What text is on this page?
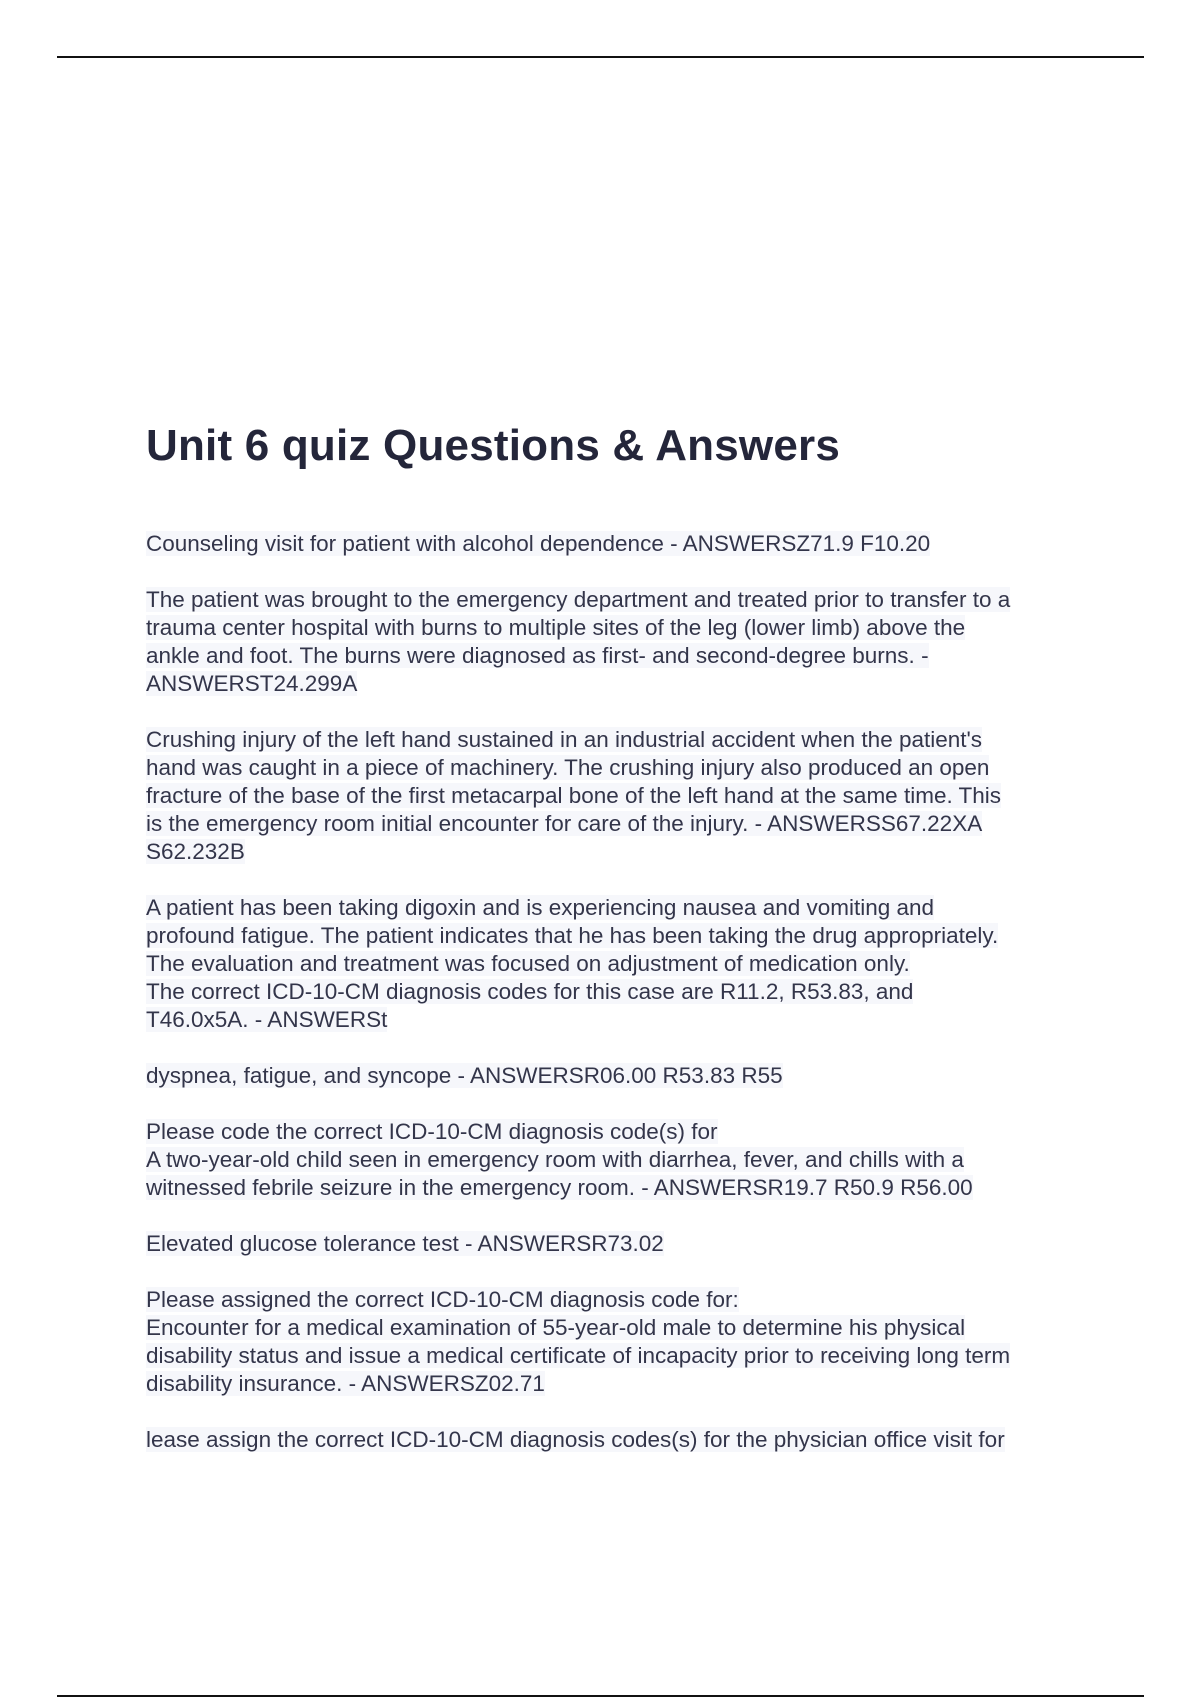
Unit 6 quiz Questions & Answers

Counseling visit for patient with alcohol dependence - ANSWERSZ71.9 F10.20

The patient was brought to the emergency department and treated prior to transfer to a
trauma center hospital with burns to multiple sites of the leg (lower limb) above the
ankle and foot. The burns were diagnosed as first- and second-degree burns. -
ANSWERST24.299A

Crushing injury of the left hand sustained in an industrial accident when the patient's
hand was caught in a piece of machinery. The crushing injury also produced an open
fracture of the base of the first metacarpal bone of the left hand at the same time. This
is the emergency room initial encounter for care of the injury. - ANSWERSS67.22XA
S62.232B

A patient has been taking digoxin and is experiencing nausea and vomiting and
profound fatigue. The patient indicates that he has been taking the drug appropriately.
The evaluation and treatment was focused on adjustment of medication only.
The correct ICD-10-CM diagnosis codes for this case are R11.2, R53.83, and
T46.0x5A. - ANSWERSt

dyspnea, fatigue, and syncope - ANSWERSR06.00 R53.83 R55

Please code the correct ICD-10-CM diagnosis code(s) for
A two-year-old child seen in emergency room with diarrhea, fever, and chills with a
witnessed febrile seizure in the emergency room. - ANSWERSR19.7 R50.9 R56.00

Elevated glucose tolerance test - ANSWERSR73.02

Please assigned the correct ICD-10-CM diagnosis code for:
Encounter for a medical examination of 55-year-old male to determine his physical
disability status and issue a medical certificate of incapacity prior to receiving long term
disability insurance. - ANSWERSZ02.71

lease assign the correct ICD-10-CM diagnosis codes(s) for the physician office visit for
